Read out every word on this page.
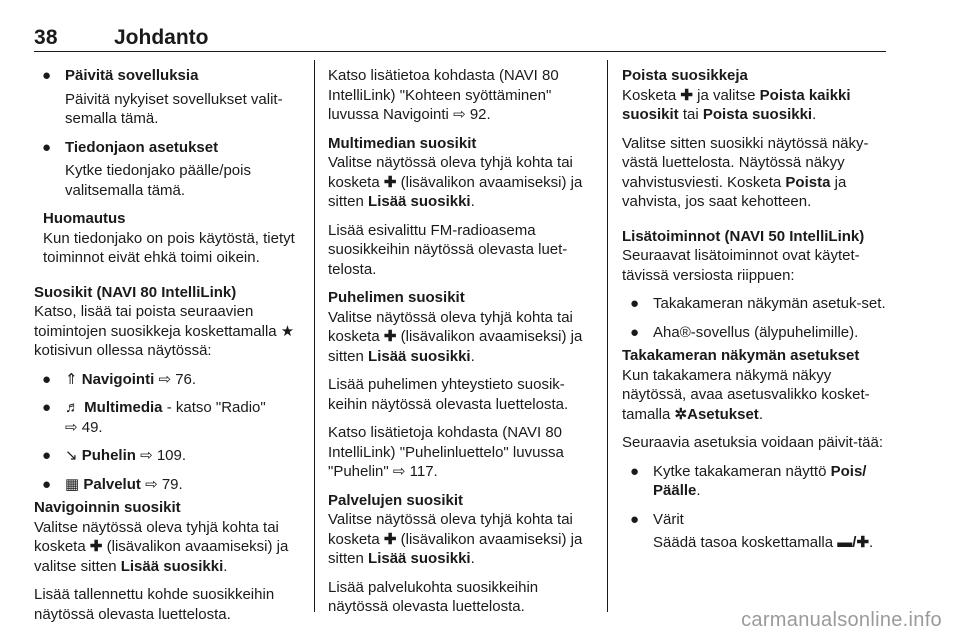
38	Johdanto
● Päivitä sovelluksia

Päivitä nykyiset sovellukset valit-semalla tämä.

● Tiedonjaon asetukset

Kytke tiedonjako päälle/pois valitsemalla tämä.

Huomautus

Kun tiedonjako on pois käytöstä, tietyt toiminnot eivät ehkä toimi oikein.

Suosikit (NAVI 80 IntelliLink)

Katso, lisää tai poista seuraavien toimintojen suosikkeja koskettamalla ★ kotisivun ollessa näytössä:

● ⇑ Navigointi ⇨ 76.
● ♬ Multimedia - katso "Radio"
⇨ 49.
● ↘ Puhelin ⇨ 109.
● ▦ Palvelut ⇨ 79.

Navigoinnin suosikit

Valitse näytössä oleva tyhjä kohta tai kosketa ✚ (lisävalikon avaamiseksi) ja valitse sitten Lisää suosikki.

Lisää tallennettu kohde suosikkeihin näytössä olevasta luettelosta.

Katso lisätietoa kohdasta (NAVI 80 IntelliLink) "Kohteen syöttäminen" luvussa Navigointi ⇨ 92.

Multimedian suosikit

Valitse näytössä oleva tyhjä kohta tai kosketa ✚ (lisävalikon avaamiseksi) ja sitten Lisää suosikki.

Lisää esivalittu FM-radioasema suosikkeihin näytössä olevasta luet-telosta.

Puhelimen suosikit

Valitse näytössä oleva tyhjä kohta tai kosketa ✚ (lisävalikon avaamiseksi) ja sitten Lisää suosikki.

Lisää puhelimen yhteystieto suosik-keihin näytössä olevasta luettelosta.

Katso lisätietoja kohdasta (NAVI 80 IntelliLink) "Puhelinluettelo" luvussa "Puhelin" ⇨ 117.

Palvelujen suosikit

Valitse näytössä oleva tyhjä kohta tai kosketa ✚ (lisävalikon avaamiseksi) ja sitten Lisää suosikki.

Lisää palvelukohta suosikkeihin näytössä olevasta luettelosta.

Poista suosikkeja

Kosketa ✚ ja valitse Poista kaikki suosikit tai Poista suosikki.

Valitse sitten suosikki näytössä näky-västä luettelosta. Näytössä näkyy vahvistusviesti. Kosketa Poista ja vahvista, jos saat kehotteen.

Lisätoiminnot (NAVI 50 IntelliLink)

Seuraavat lisätoiminnot ovat käytet-tävissä versiosta riippuen:

● Takakameran näkymän asetuk-set.
● Aha®-sovellus (älypuhelimille).

Takakameran näkymän asetukset

Kun takakamera näkymä näkyy näytössä, avaa asetusvalikko kosket-tamalla ✲Asetukset.

Seuraavia asetuksia voidaan päivit-tää:

● Kytke takakameran näyttö Pois/ Päälle.
● Värit

Säädä tasoa koskettamalla ▬/✚.

carmanualsonline.info
